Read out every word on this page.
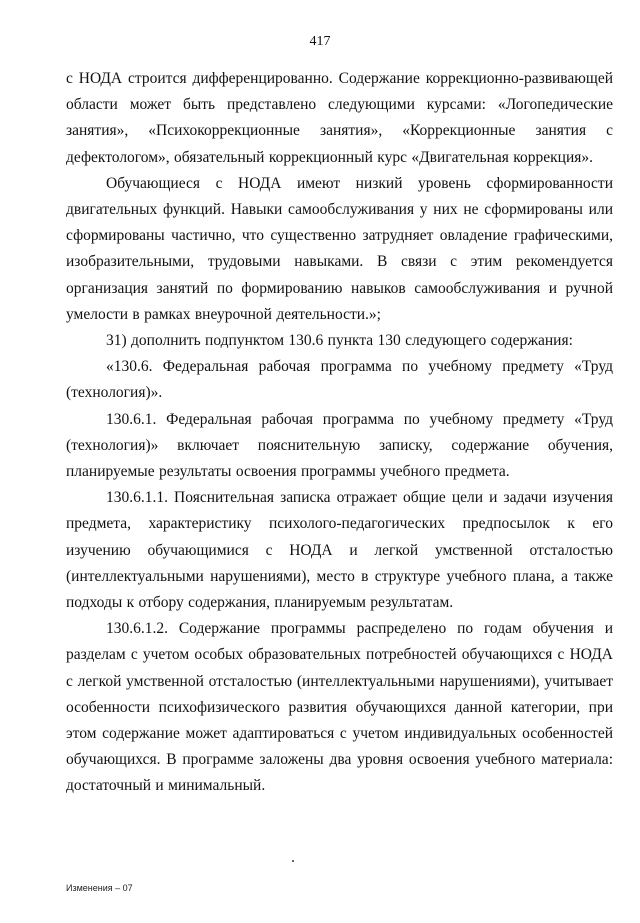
417

с НОДА строится дифференцированно. Содержание коррекционно-развивающей области может быть представлено следующими курсами: «Логопедические занятия», «Психокоррекционные занятия», «Коррекционные занятия с дефектологом», обязательный коррекционный курс «Двигательная коррекция».

Обучающиеся с НОДА имеют низкий уровень сформированности двигательных функций. Навыки самообслуживания у них не сформированы или сформированы частично, что существенно затрудняет овладение графическими, изобразительными, трудовыми навыками. В связи с этим рекомендуется организация занятий по формированию навыков самообслуживания и ручной умелости в рамках внеурочной деятельности.»;

31) дополнить подпунктом 130.6 пункта 130 следующего содержания:

«130.6. Федеральная рабочая программа по учебному предмету «Труд (технология)».

130.6.1. Федеральная рабочая программа по учебному предмету «Труд (технология)» включает пояснительную записку, содержание обучения, планируемые результаты освоения программы учебного предмета.

130.6.1.1. Пояснительная записка отражает общие цели и задачи изучения предмета, характеристику психолого-педагогических предпосылок к его изучению обучающимися с НОДА и легкой умственной отсталостью (интеллектуальными нарушениями), место в структуре учебного плана, а также подходы к отбору содержания, планируемым результатам.

130.6.1.2. Содержание программы распределено по годам обучения и разделам с учетом особых образовательных потребностей обучающихся с НОДА с легкой умственной отсталостью (интеллектуальными нарушениями), учитывает особенности психофизического развития обучающихся данной категории, при этом содержание может адаптироваться с учетом индивидуальных особенностей обучающихся. В программе заложены два уровня освоения учебного материала: достаточный и минимальный.

Изменения – 07
